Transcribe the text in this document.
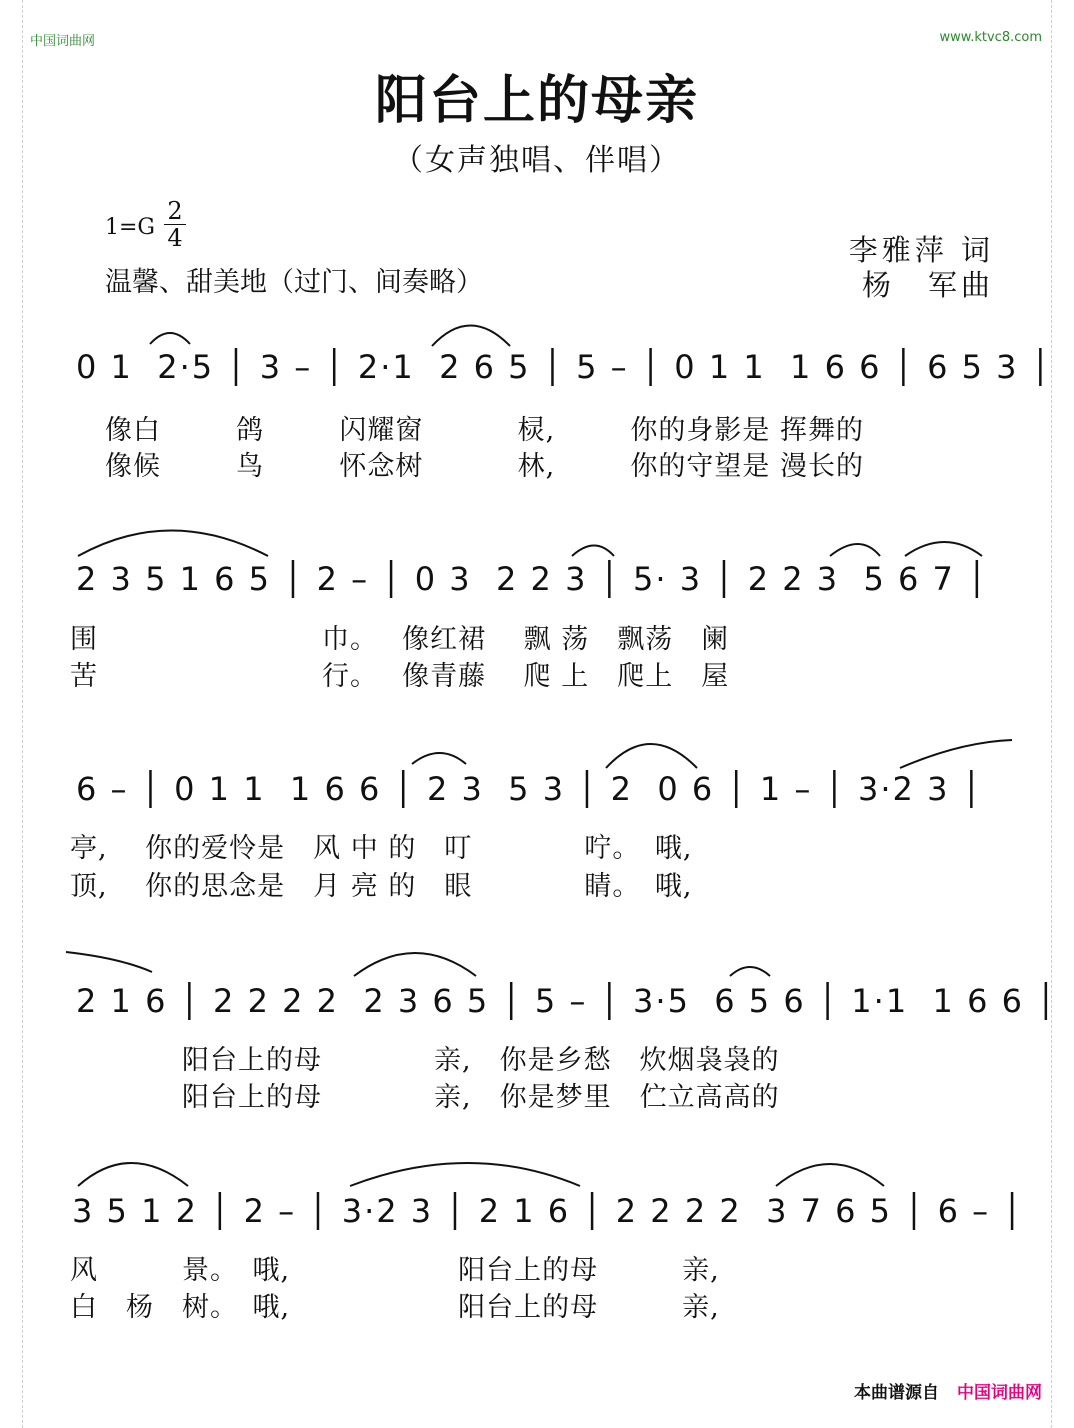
中国词曲网	www.ktvc8.com
阳台上的母亲
（女声独唱、伴唱）
1=G
2
4
温馨、甜美地（过门、间奏略）
李雅萍 词
杨　军曲
0 1  2·5 │ 3 – │ 2·1  2 6 5 │ 5 – │ 0 1 1  1 6 6 │ 6 5 3 │
像白  　　鸽  　　闪耀窗  　　  棂,  　　你的身影是 挥舞的
像候  　　鸟  　　怀念树  　　  林,  　　你的守望是 漫长的
2 3 5 1 6 5 │ 2 – │ 0 3  2 2 3 │ 5· 3 │ 2 2 3  5 6 7 │
围　　　　　　　　巾。　 像红裙　 飘 荡　飘荡　阑
苦　　　　　　　　行。　 像青藤　 爬 上　爬上　屋
6 – │ 0 1 1  1 6 6 │ 2 3  5 3 │ 2  0 6 │ 1 – │ 3·2 3 │
亭,　 你的爱怜是　风 中 的　叮　　　　咛。　哦,
顶,　 你的思念是　月 亮 的　眼　　　　睛。　哦,
2 1 6 │ 2 2 2 2  2 3 6 5 │ 5 – │ 3·5  6 5 6 │ 1·1  1 6 6 │
　　　　阳台上的母　　　　亲,　你是乡愁　炊烟袅袅的
　　　　阳台上的母　　　　亲,　你是梦里　伫立高高的
3 5 1 2 │ 2 – │ 3·2 3 │ 2 1 6 │ 2 2 2 2  3 7 6 5 │ 6 – │
风　　　景。　哦,　　　　　　阳台上的母　　　亲,
白　杨　树。　哦,　　　　　　阳台上的母　　　亲,
本曲谱源自 中国词曲网
